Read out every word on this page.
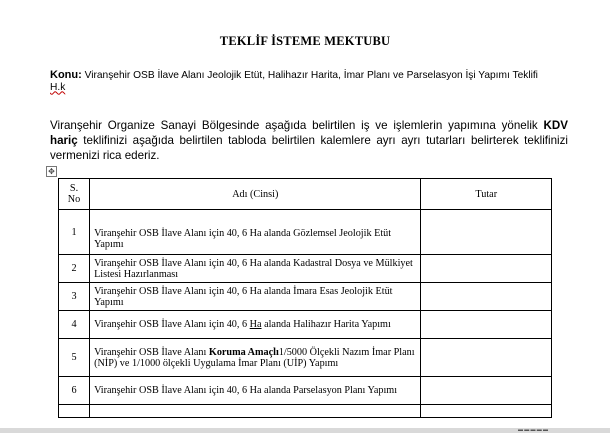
TEKLİF İSTEME MEKTUBU
Konu: Viranşehir OSB İlave Alanı Jeolojik Etüt, Halihazır Harita, İmar Planı ve Parselasyon İşi Yapımı Teklifi H.k
Viranşehir Organize Sanayi Bölgesinde aşağıda belirtilen iş ve işlemlerin yapımına yönelik KDV hariç teklifinizi aşağıda belirtilen tabloda belirtilen kalemlere ayrı ayrı tutarları belirterek teklifinizi vermenizi rica ederiz.
✥
S. No	Adı (Cinsi)	Tutar
1	Viranşehir OSB İlave Alanı için 40, 6 Ha alanda Gözlemsel Jeolojik Etüt Yapımı	
2	Viranşehir OSB İlave Alanı için 40, 6 Ha alanda Kadastral Dosya ve Mülkiyet Listesi Hazırlanması	
3	Viranşehir OSB İlave Alanı için 40, 6 Ha alanda İmara Esas Jeolojik Etüt Yapımı	
4	Viranşehir OSB İlave Alanı için 40, 6 Ha alanda Halihazır Harita Yapımı	
5	Viranşehir OSB İlave Alanı Koruma Amaçlı1/5000 Ölçekli Nazım İmar Planı (NİP) ve 1/1000 ölçekli Uygulama İmar Planı (UİP) Yapımı	
6	Viranşehir OSB İlave Alanı için 40, 6 Ha alanda Parselasyon Planı Yapımı	

▬ ▬ ▬ ▬ ▬
